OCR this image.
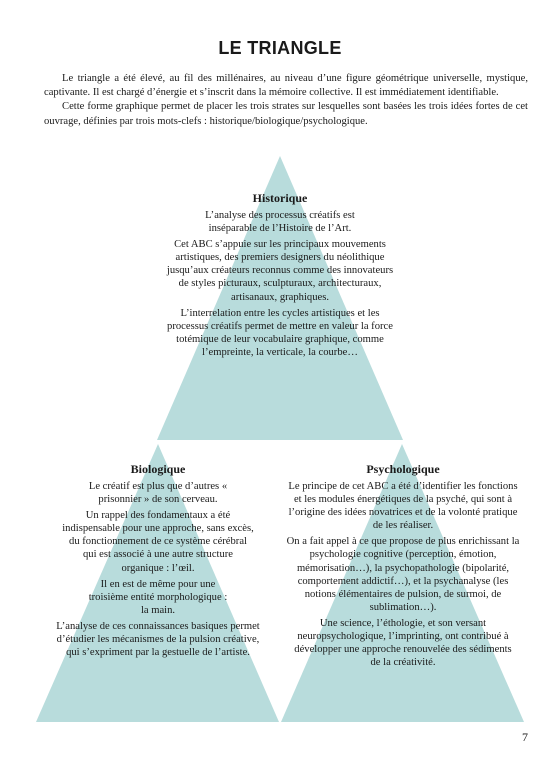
LE TRIANGLE

Le triangle a été élevé, au fil des millénaires, au niveau d’une figure géométrique universelle, mystique, captivante. Il est chargé d’énergie et s’inscrit dans la mémoire collective. Il est immédiatement identifiable.

Cette forme graphique permet de placer les trois strates sur lesquelles sont basées les trois idées fortes de cet ouvrage, définies par trois mots-clefs : historique/biologique/psychologique.

Historique

L’analyse des processus créatifs est inséparable de l’Histoire de l’Art.

Cet ABC s’appuie sur les principaux mouvements artistiques, des premiers designers du néolithique jusqu’aux créateurs reconnus comme des innovateurs de styles picturaux, sculpturaux, architecturaux, artisanaux, graphiques.

L’interrelation entre les cycles artistiques et les processus créatifs permet de mettre en valeur la force totémique de leur vocabulaire graphique, comme l’empreinte, la verticale, la courbe…

Biologique

Le créatif est plus que d’autres « prisonnier » de son cerveau.

Un rappel des fondamentaux a été indispensable pour une approche, sans excès, du fonctionnement de ce système cérébral qui est associé à une autre structure organique : l’œil.

Il en est de même pour une troisième entité morphologique : la main.

L’analyse de ces connaissances basiques permet d’étudier les mécanismes de la pulsion créative, qui s’expriment par la gestuelle de l’artiste.

Psychologique

Le principe de cet ABC a été d’identifier les fonctions et les modules énergétiques de la psyché, qui sont à l’origine des idées novatrices et de la volonté pratique de les réaliser.

On a fait appel à ce que propose de plus enrichissant la psychologie cognitive (perception, émotion, mémorisation…), la psychopathologie (bipolarité, comportement addictif…), et la psychanalyse (les notions élémentaires de pulsion, de surmoi, de sublimation…).

Une science, l’éthologie, et son versant neuropsychologique, l’imprinting, ont contribué à développer une approche renouvelée des sédiments de la créativité.

7
